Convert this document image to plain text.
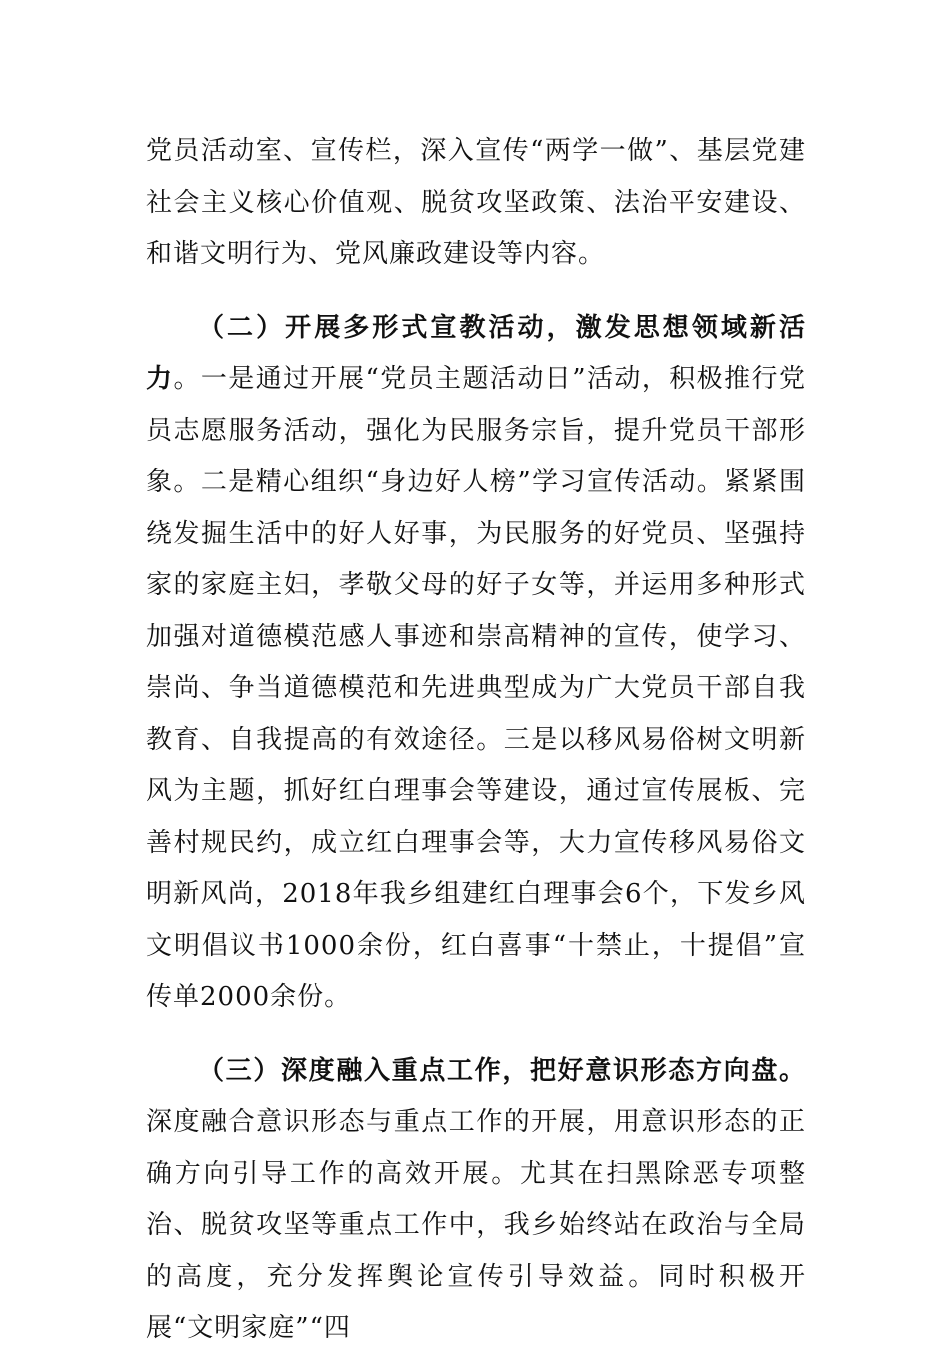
党员活动室、宣传栏，深入宣传“两学一做”、基层党建社会主义核心价值观、脱贫攻坚政策、法治平安建设、和谐文明行为、党风廉政建设等内容。

（二）开展多形式宣教活动，激发思想领域新活力。一是通过开展“党员主题活动日”活动，积极推行党员志愿服务活动，强化为民服务宗旨，提升党员干部形象。二是精心组织“身边好人榜”学习宣传活动。紧紧围绕发掘生活中的好人好事，为民服务的好党员、坚强持家的家庭主妇，孝敬父母的好子女等，并运用多种形式加强对道德模范感人事迹和崇高精神的宣传，使学习、崇尚、争当道德模范和先进典型成为广大党员干部自我教育、自我提高的有效途径。三是以移风易俗树文明新风为主题，抓好红白理事会等建设，通过宣传展板、完善村规民约，成立红白理事会等，大力宣传移风易俗文明新风尚，2018年我乡组建红白理事会6个，下发乡风文明倡议书1000余份，红白喜事“十禁止，十提倡”宣传单2000余份。

（三）深度融入重点工作，把好意识形态方向盘。深度融合意识形态与重点工作的开展，用意识形态的正确方向引导工作的高效开展。尤其在扫黑除恶专项整治、脱贫攻坚等重点工作中，我乡始终站在政治与全局的高度，充分发挥舆论宣传引导效益。同时积极开展“文明家庭”“四
